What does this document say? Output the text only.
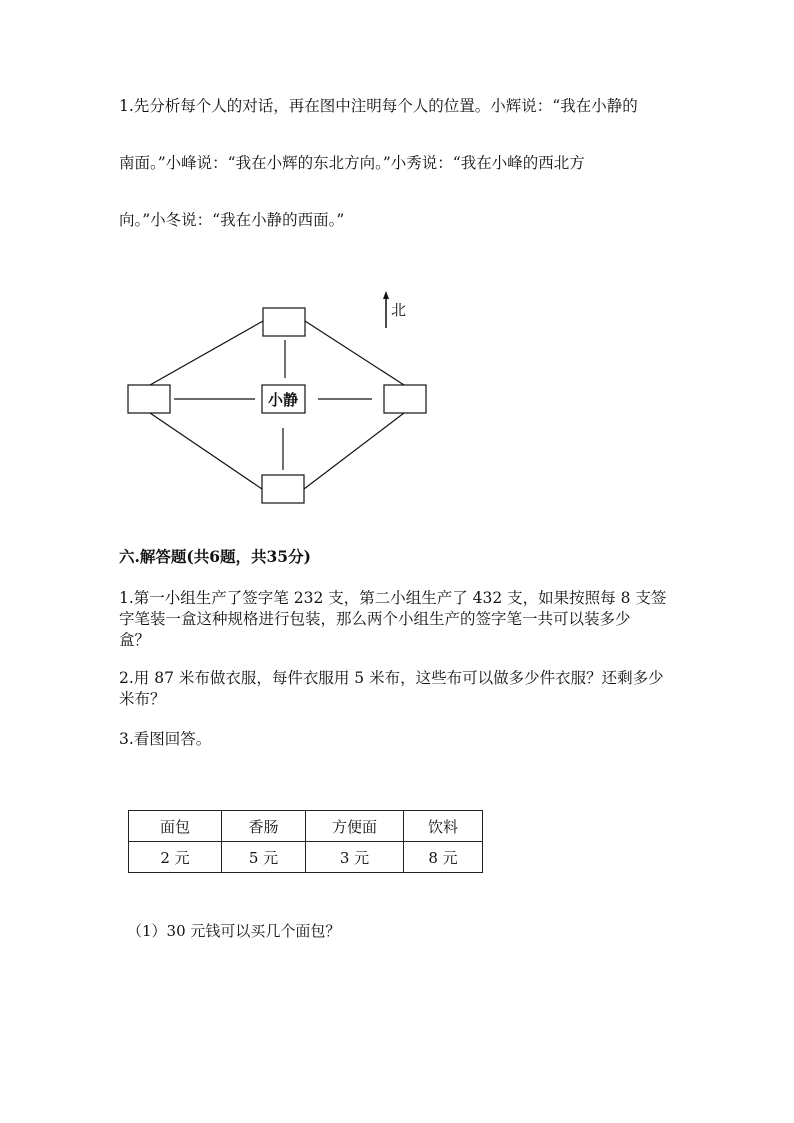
1.先分析每个人的对话，再在图中注明每个人的位置。小辉说：“我在小静的
南面。”小峰说：“我在小辉的东北方向。”小秀说：“我在小峰的西北方
向。”小冬说：“我在小静的西面。”
小静
北
六.解答题(共6题，共35分)
1.第一小组生产了签字笔 232 支，第二小组生产了 432 支，如果按照每 8 支签
字笔装一盒这种规格进行包装，那么两个小组生产的签字笔一共可以装多少
盒？
2.用 87 米布做衣服，每件衣服用 5 米布，这些布可以做多少件衣服？还剩多少
米布？
3.看图回答。
面包	香肠	方便面	饮料
2 元	5 元	3 元	8 元
（1）30 元钱可以买几个面包？
